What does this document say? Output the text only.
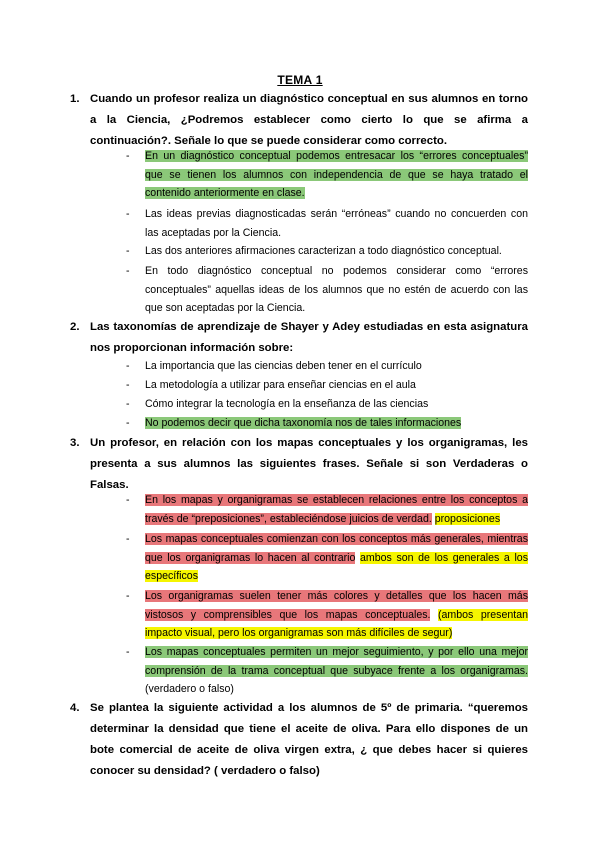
TEMA 1
1. Cuando un profesor realiza un diagnóstico conceptual en sus alumnos en torno a la Ciencia, ¿Podremos establecer como cierto lo que se afirma a continuación?. Señale lo que se puede considerar como correcto.
- En un diagnóstico conceptual podemos entresacar los “errores conceptuales” que se tienen los alumnos con independencia de que se haya tratado el contenido anteriormente en clase.
- Las ideas previas diagnosticadas serán “erróneas” cuando no concuerden con las aceptadas por la Ciencia.
- Las dos anteriores afirmaciones caracterizan a todo diagnóstico conceptual.
- En todo diagnóstico conceptual no podemos considerar como “errores conceptuales” aquellas ideas de los alumnos que no estén de acuerdo con las que son aceptadas por la Ciencia.
2. Las taxonomías de aprendizaje de Shayer y Adey estudiadas en esta asignatura nos proporcionan información sobre:
- La importancia que las ciencias deben tener en el currículo
- La metodología a utilizar para enseñar ciencias en el aula
- Cómo integrar la tecnología en la enseñanza de las ciencias
- No podemos decir que dicha taxonomía nos de tales informaciones
3. Un profesor, en relación con los mapas conceptuales y los organigramas, les presenta a sus alumnos las siguientes frases. Señale si son Verdaderas o Falsas.
- En los mapas y organigramas se establecen relaciones entre los conceptos a través de “preposiciones”, estableciéndose juicios de verdad. proposiciones
- Los mapas conceptuales comienzan con los conceptos más generales, mientras que los organigramas lo hacen al contrario ambos son de los generales a los específicos
- Los organigramas suelen tener más colores y detalles que los hacen más vistosos y comprensibles que los mapas conceptuales. (ambos presentan impacto visual, pero los organigramas son más difíciles de segur)
- Los mapas conceptuales permiten un mejor seguimiento, y por ello una mejor comprensión de la trama conceptual que subyace frente a los organigramas. (verdadero o falso)
4. Se plantea la siguiente actividad a los alumnos de 5º de primaria. “queremos determinar la densidad que tiene el aceite de oliva. Para ello dispones de un bote comercial de aceite de oliva virgen extra, ¿ que debes hacer si quieres conocer su densidad? ( verdadero o falso)
